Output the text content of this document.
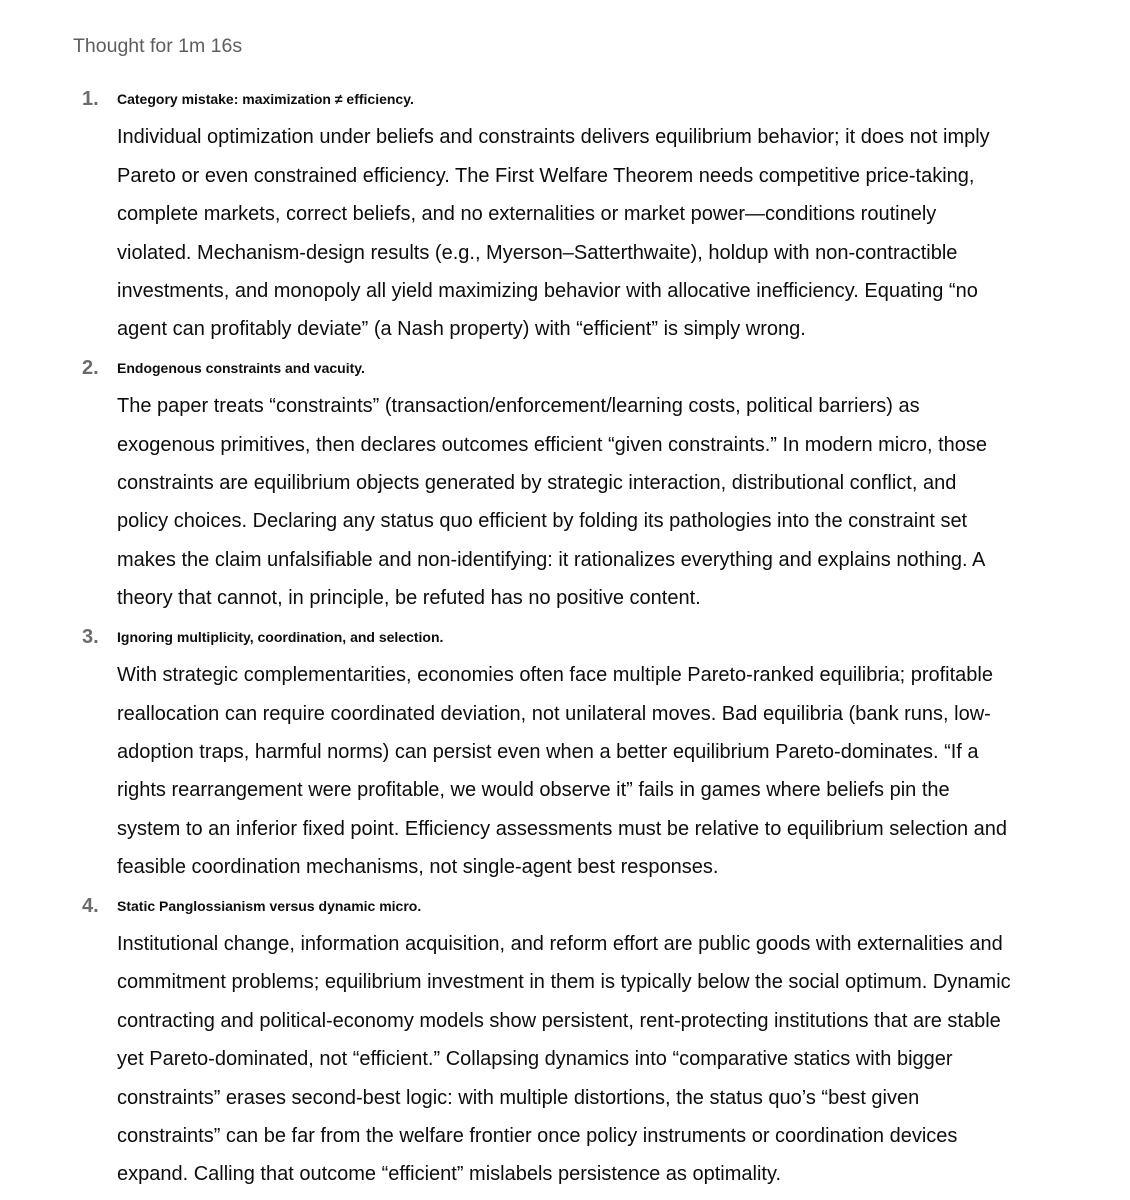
Thought for 1m 16s
1. Category mistake: maximization ≠ efficiency.
Individual optimization under beliefs and constraints delivers equilibrium behavior; it does not imply
Pareto or even constrained efficiency. The First Welfare Theorem needs competitive price-taking,
complete markets, correct beliefs, and no externalities or market power—conditions routinely
violated. Mechanism-design results (e.g., Myerson–Satterthwaite), holdup with non-contractible
investments, and monopoly all yield maximizing behavior with allocative inefficiency. Equating “no
agent can profitably deviate” (a Nash property) with “efficient” is simply wrong.
2. Endogenous constraints and vacuity.
The paper treats “constraints” (transaction/enforcement/learning costs, political barriers) as
exogenous primitives, then declares outcomes efficient “given constraints.” In modern micro, those
constraints are equilibrium objects generated by strategic interaction, distributional conflict, and
policy choices. Declaring any status quo efficient by folding its pathologies into the constraint set
makes the claim unfalsifiable and non-identifying: it rationalizes everything and explains nothing. A
theory that cannot, in principle, be refuted has no positive content.
3. Ignoring multiplicity, coordination, and selection.
With strategic complementarities, economies often face multiple Pareto-ranked equilibria; profitable
reallocation can require coordinated deviation, not unilateral moves. Bad equilibria (bank runs, low-
adoption traps, harmful norms) can persist even when a better equilibrium Pareto-dominates. “If a
rights rearrangement were profitable, we would observe it” fails in games where beliefs pin the
system to an inferior fixed point. Efficiency assessments must be relative to equilibrium selection and
feasible coordination mechanisms, not single-agent best responses.
4. Static Panglossianism versus dynamic micro.
Institutional change, information acquisition, and reform effort are public goods with externalities and
commitment problems; equilibrium investment in them is typically below the social optimum. Dynamic
contracting and political-economy models show persistent, rent-protecting institutions that are stable
yet Pareto-dominated, not “efficient.” Collapsing dynamics into “comparative statics with bigger
constraints” erases second-best logic: with multiple distortions, the status quo’s “best given
constraints” can be far from the welfare frontier once policy instruments or coordination devices
expand. Calling that outcome “efficient” mislabels persistence as optimality.
